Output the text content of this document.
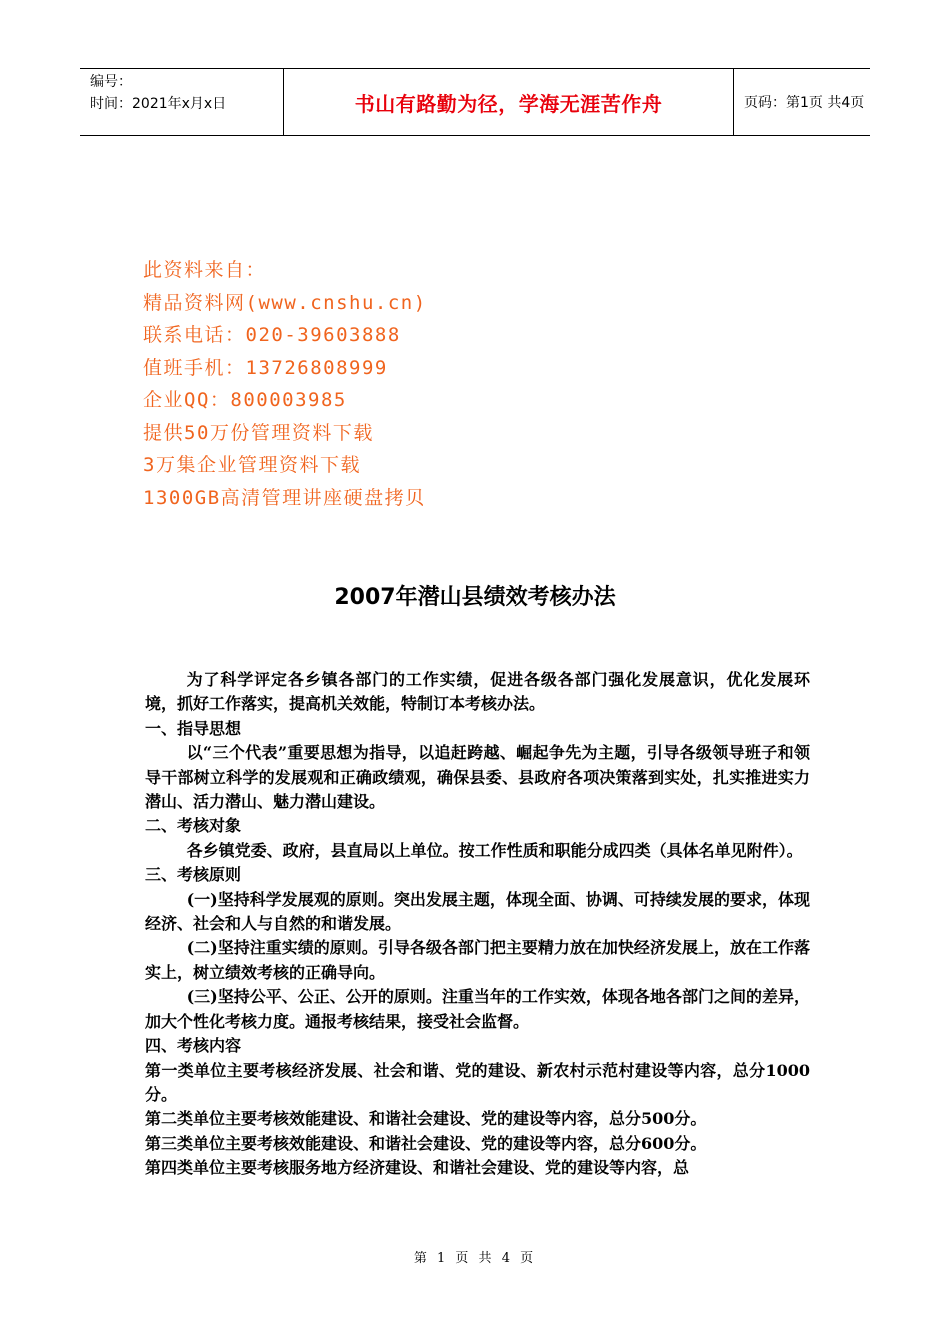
编号：
时间：2021年x月x日	书山有路勤为径，学海无涯苦作舟	页码：第1页 共4页
此资料来自：
精品资料网(www.cnshu.cn)
联系电话：020-39603888
值班手机：13726808999
企业QQ：800003985
提供50万份管理资料下载
3万集企业管理资料下载
1300GB高清管理讲座硬盘拷贝
2007年潜山县绩效考核办法

为了科学评定各乡镇各部门的工作实绩，促进各级各部门强化发展意识，优化发展环境，抓好工作落实，提高机关效能，特制订本考核办法。

一、指导思想

以“三个代表”重要思想为指导，以追赶跨越、崛起争先为主题，引导各级领导班子和领导干部树立科学的发展观和正确政绩观，确保县委、县政府各项决策落到实处，扎实推进实力潜山、活力潜山、魅力潜山建设。

二、考核对象

各乡镇党委、政府，县直局以上单位。按工作性质和职能分成四类（具体名单见附件）。

三、考核原则

(一)坚持科学发展观的原则。突出发展主题，体现全面、协调、可持续发展的要求，体现经济、社会和人与自然的和谐发展。

(二)坚持注重实绩的原则。引导各级各部门把主要精力放在加快经济发展上，放在工作落实上，树立绩效考核的正确导向。

(三)坚持公平、公正、公开的原则。注重当年的工作实效，体现各地各部门之间的差异，加大个性化考核力度。通报考核结果，接受社会监督。

四、考核内容

第一类单位主要考核经济发展、社会和谐、党的建设、新农村示范村建设等内容，总分1000分。

第二类单位主要考核效能建设、和谐社会建设、党的建设等内容，总分500分。

第三类单位主要考核效能建设、和谐社会建设、党的建设等内容，总分600分。

第四类单位主要考核服务地方经济建设、和谐社会建设、党的建设等内容，总

第 1 页 共 4 页
